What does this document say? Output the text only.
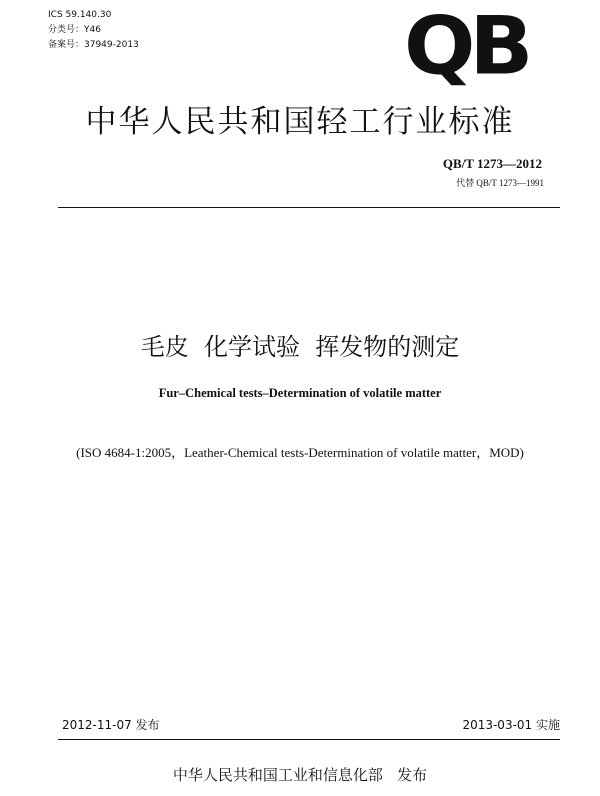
ICS 59.140.30
分类号：Y46
备案号：37949-2013	QB
中华人民共和国轻工行业标准
QB/T 1273—2012
代替 QB/T 1273—1991
毛皮  化学试验  挥发物的测定
Fur–Chemical tests–Determination of volatile matter
(ISO 4684-1:2005，Leather-Chemical tests-Determination of volatile matter，MOD)
2012-11-07 发布	2013-03-01 实施
中华人民共和国工业和信息化部   发布
